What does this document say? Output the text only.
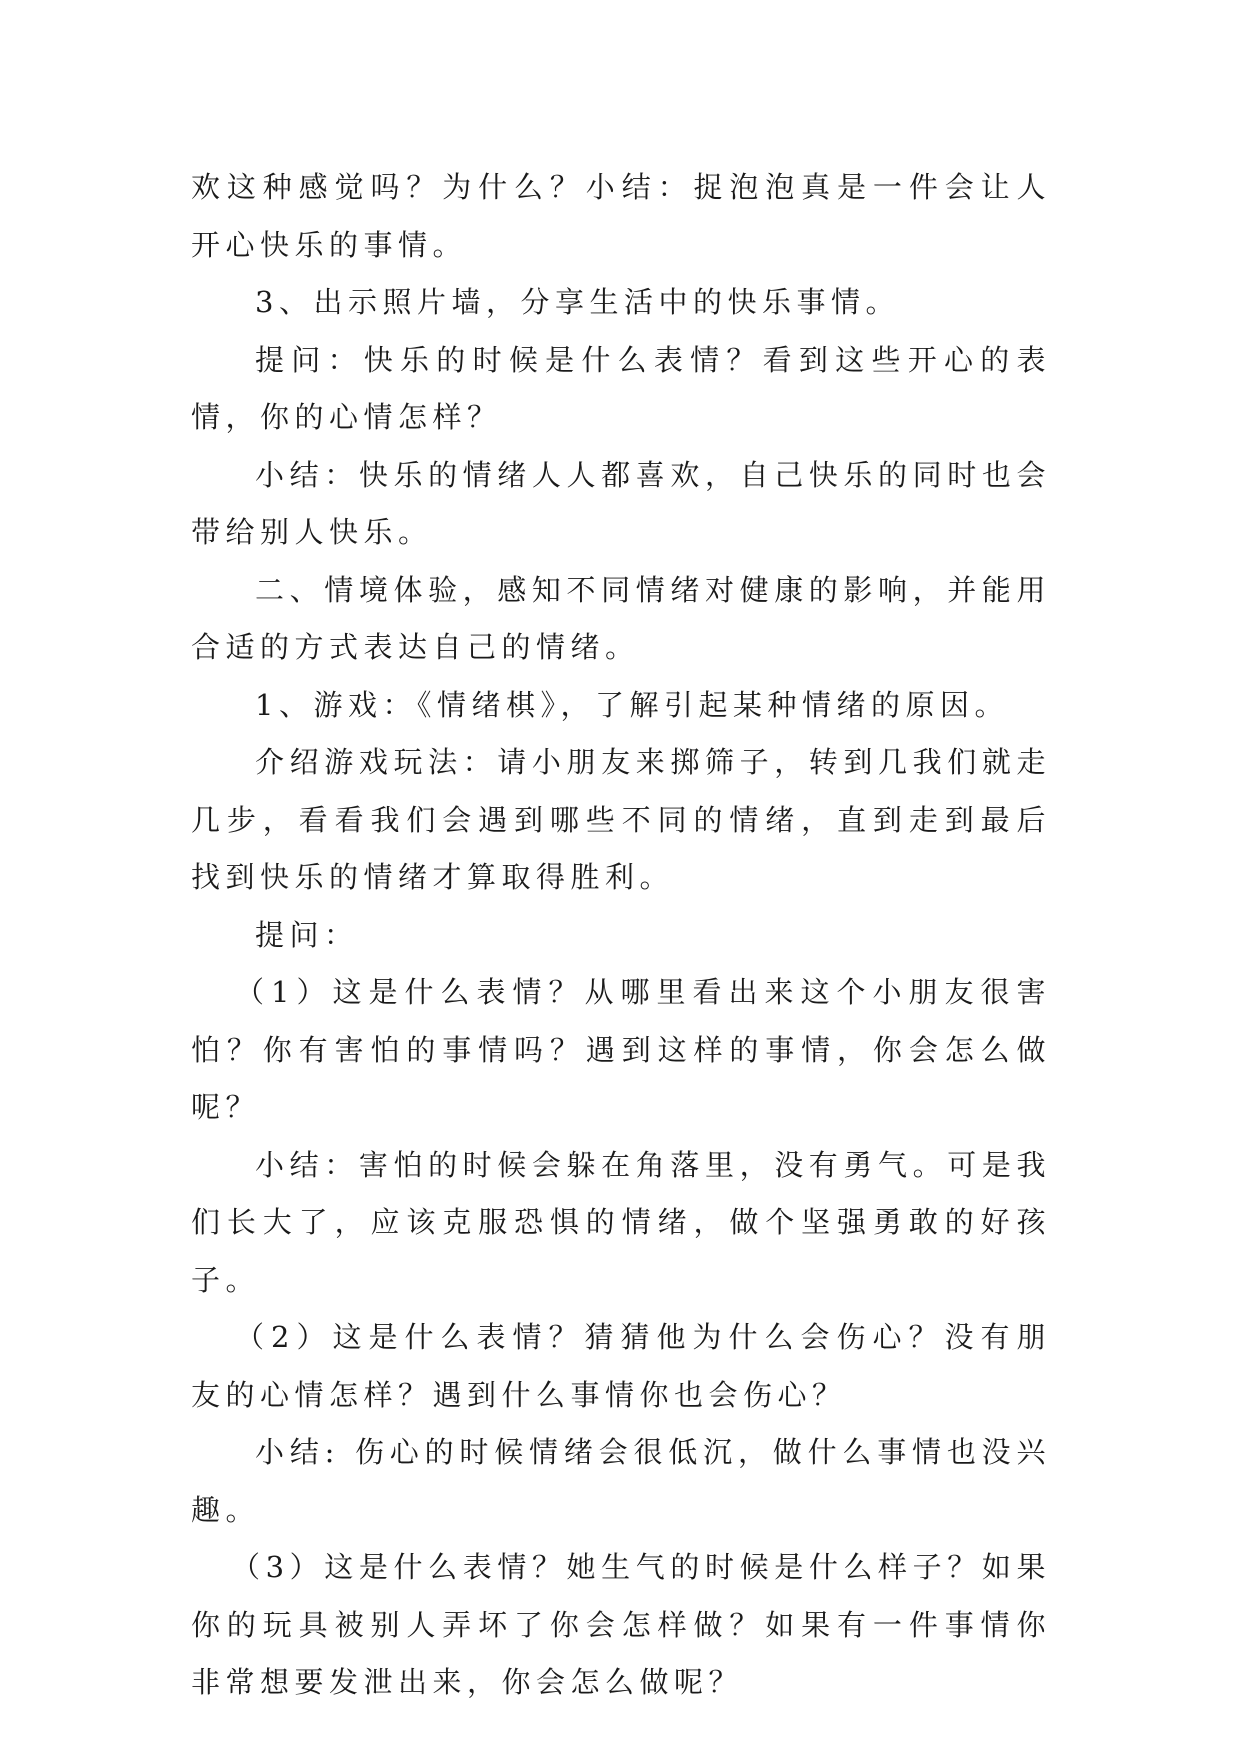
欢这种感觉吗？为什么？小结：捉泡泡真是一件会让人开心快乐的事情。

3、出示照片墙，分享生活中的快乐事情。

提问：快乐的时候是什么表情？看到这些开心的表情，你的心情怎样？

小结：快乐的情绪人人都喜欢，自己快乐的同时也会带给别人快乐。

二、情境体验，感知不同情绪对健康的影响，并能用合适的方式表达自己的情绪。

1、游戏：《情绪棋》，了解引起某种情绪的原因。

介绍游戏玩法：请小朋友来掷筛子，转到几我们就走几步，看看我们会遇到哪些不同的情绪，直到走到最后找到快乐的情绪才算取得胜利。

提问：

（1）这是什么表情？从哪里看出来这个小朋友很害怕？你有害怕的事情吗？遇到这样的事情，你会怎么做呢？

小结：害怕的时候会躲在角落里，没有勇气。可是我们长大了，应该克服恐惧的情绪，做个坚强勇敢的好孩子。

（2）这是什么表情？猜猜他为什么会伤心？没有朋友的心情怎样？遇到什么事情你也会伤心？

小结: 伤心的时候情绪会很低沉，做什么事情也没兴趣。

（3）这是什么表情？她生气的时候是什么样子？如果你的玩具被别人弄坏了你会怎样做？如果有一件事情你非常想要发泄出来，你会怎么做呢？
